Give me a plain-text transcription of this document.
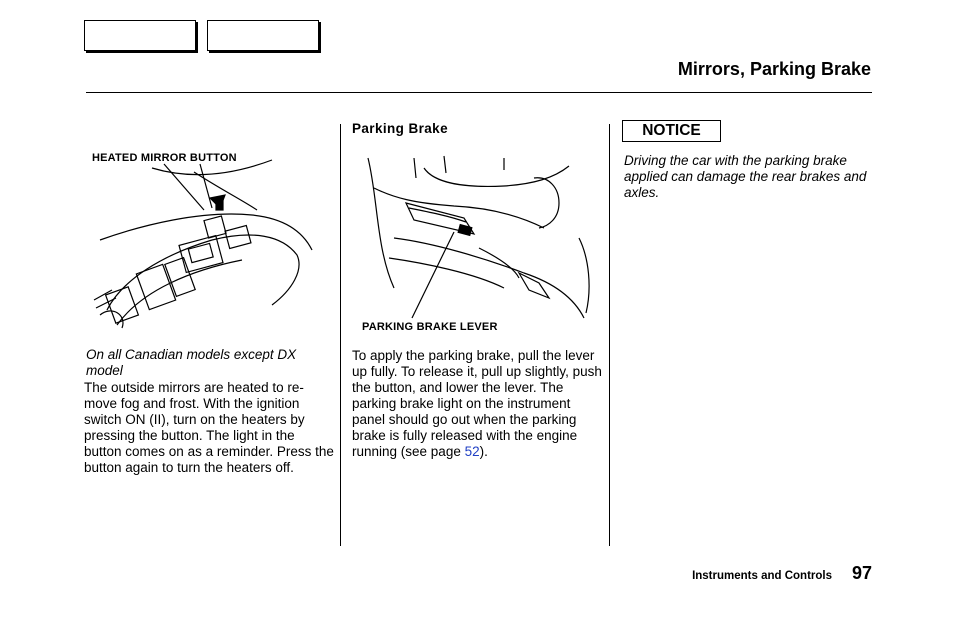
Mirrors, Parking Brake
HEATED MIRROR BUTTON
On all Canadian models except DX model
The outside mirrors are heated to re-move fog and frost. With the ignition switch ON (II), turn on the heaters by pressing the button. The light in the button comes on as a reminder. Press the button again to turn the heaters off.
Parking Brake
PARKING BRAKE LEVER
To apply the parking brake, pull the lever up fully. To release it, pull up slightly, push the button, and lower the lever. The parking brake light on the instrument panel should go out when the parking brake is fully released with the engine running (see page 52).
NOTICE
Driving the car with the parking brake applied can damage the rear brakes and axles.
Instruments and Controls 97
